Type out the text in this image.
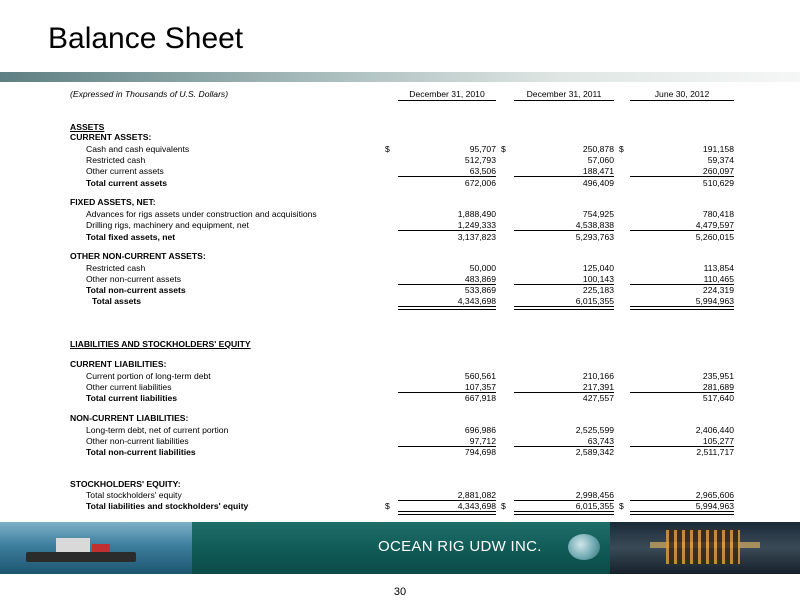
Balance Sheet
(Expressed in Thousands of U.S. Dollars)	December 31, 2010	December 31, 2011	June 30, 2012
ASSETS
CURRENT ASSETS:
Cash and cash equivalents	$	95,707 $	250,878 $	191,158
Restricted cash	512,793	57,060	59,374
Other current assets	63,506	188,471	260,097
Total current assets	672,006	496,409	510,629
FIXED ASSETS, NET:
Advances for rigs assets under construction and acquisitions	1,888,490	754,925	780,418
Drilling rigs, machinery and equipment, net	1,249,333	4,538,838	4,479,597
Total fixed assets, net	3,137,823	5,293,763	5,260,015
OTHER NON-CURRENT ASSETS:
Restricted cash	50,000	125,040	113,854
Other non-current assets	483,869	100,143	110,465
Total non-current assets	533,869	225,183	224,319
Total assets	4,343,698	6,015,355	5,994,963
LIABILITIES AND STOCKHOLDERS' EQUITY
CURRENT LIABILITIES:
Current portion of long-term debt	560,561	210,166	235,951
Other current liabilities	107,357	217,391	281,689
Total current liabilities	667,918	427,557	517,640
NON-CURRENT LIABILITIES:
Long-term debt, net of current portion	696,986	2,525,599	2,406,440
Other non-current liabilities	97,712	63,743	105,277
Total non-current liabilities	794,698	2,589,342	2,511,717
STOCKHOLDERS' EQUITY:
Total stockholders' equity	2,881,082	2,998,456	2,965,606
Total liabilities and stockholders' equity	$	4,343,698 $	6,015,355 $	5,994,963
OCEAN RIG UDW INC.
30
